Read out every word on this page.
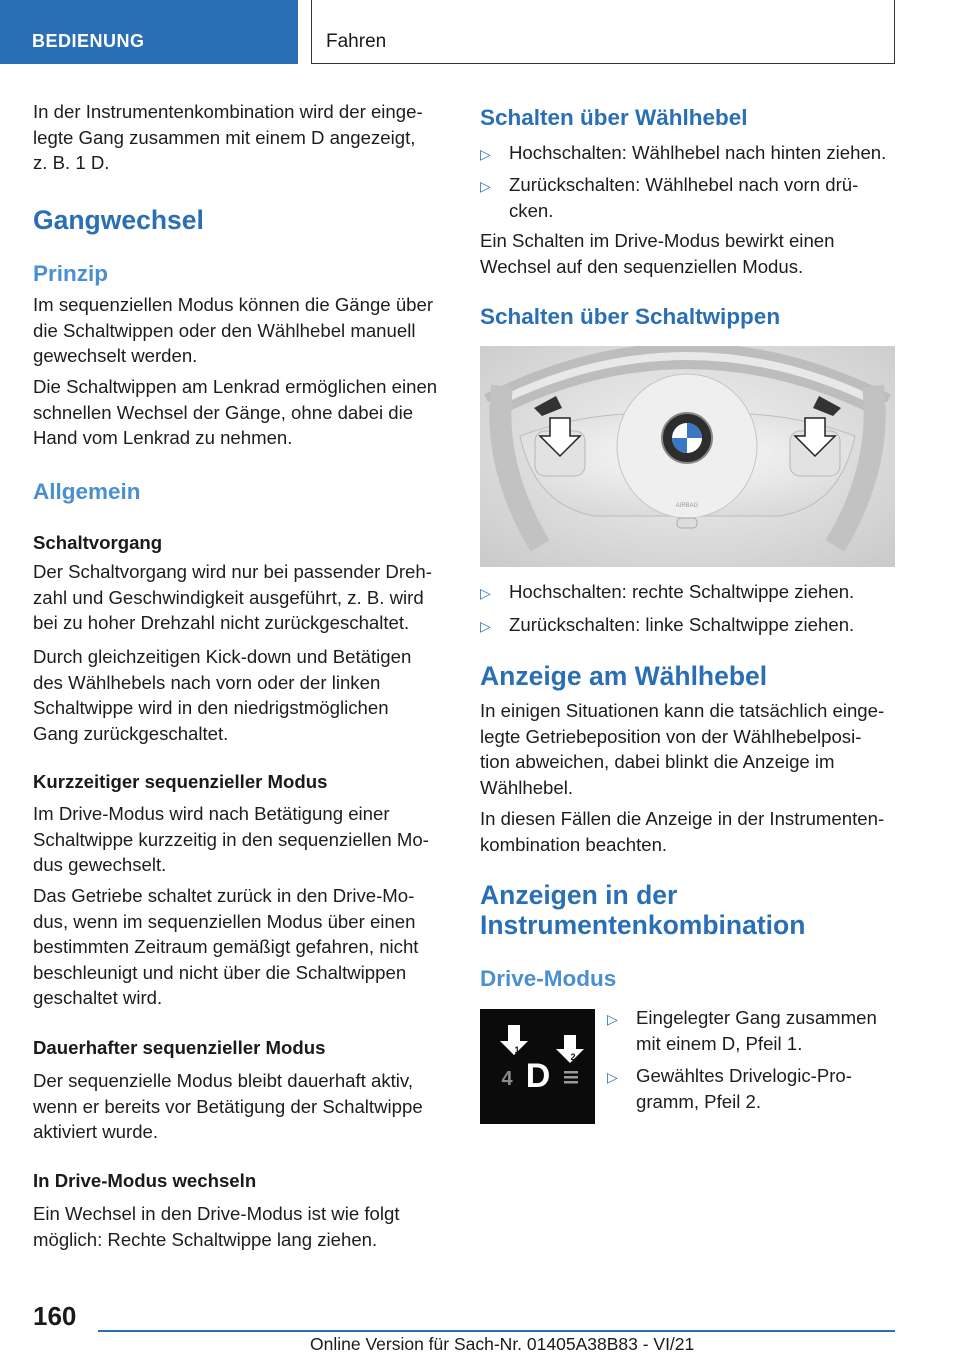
BEDIENUNG	Fahren
In der Instrumentenkombination wird der einge-
legte Gang zusammen mit einem D angezeigt,
z. B. 1 D.
Gangwechsel
Prinzip
Im sequenziellen Modus können die Gänge über
die Schaltwippen oder den Wählhebel manuell
gewechselt werden.
Die Schaltwippen am Lenkrad ermöglichen einen
schnellen Wechsel der Gänge, ohne dabei die
Hand vom Lenkrad zu nehmen.
Allgemein
Schaltvorgang
Der Schaltvorgang wird nur bei passender Dreh-
zahl und Geschwindigkeit ausgeführt, z. B. wird
bei zu hoher Drehzahl nicht zurückgeschaltet.
Durch gleichzeitigen Kick-down und Betätigen
des Wählhebels nach vorn oder der linken
Schaltwippe wird in den niedrigstmöglichen
Gang zurückgeschaltet.
Kurzzeitiger sequenzieller Modus
Im Drive-Modus wird nach Betätigung einer
Schaltwippe kurzzeitig in den sequenziellen Mo-
dus gewechselt.
Das Getriebe schaltet zurück in den Drive-Mo-
dus, wenn im sequenziellen Modus über einen
bestimmten Zeitraum gemäßigt gefahren, nicht
beschleunigt und nicht über die Schaltwippen
geschaltet wird.
Dauerhafter sequenzieller Modus
Der sequenzielle Modus bleibt dauerhaft aktiv,
wenn er bereits vor Betätigung der Schaltwippe
aktiviert wurde.
In Drive-Modus wechseln
Ein Wechsel in den Drive-Modus ist wie folgt
möglich: Rechte Schaltwippe lang ziehen.
Schalten über Wählhebel
▷ Hochschalten: Wählhebel nach hinten ziehen.
▷ Zurückschalten: Wählhebel nach vorn drü-
cken.
Ein Schalten im Drive-Modus bewirkt einen
Wechsel auf den sequenziellen Modus.
Schalten über Schaltwippen
▷ Hochschalten: rechte Schaltwippe ziehen.
▷ Zurückschalten: linke Schaltwippe ziehen.
Anzeige am Wählhebel
In einigen Situationen kann die tatsächlich einge-
legte Getriebeposition von der Wählhebelposi-
tion abweichen, dabei blinkt die Anzeige im
Wählhebel.
In diesen Fällen die Anzeige in der Instrumenten-
kombination beachten.
Anzeigen in der
Instrumentenkombination
Drive-Modus
▷ Eingelegter Gang zusammen
mit einem D, Pfeil 1.
▷ Gewähltes Drivelogic-Pro-
gramm, Pfeil 2.
AIRBAG
1
2
4 D
160
Online Version für Sach-Nr. 01405A38B83 - VI/21
